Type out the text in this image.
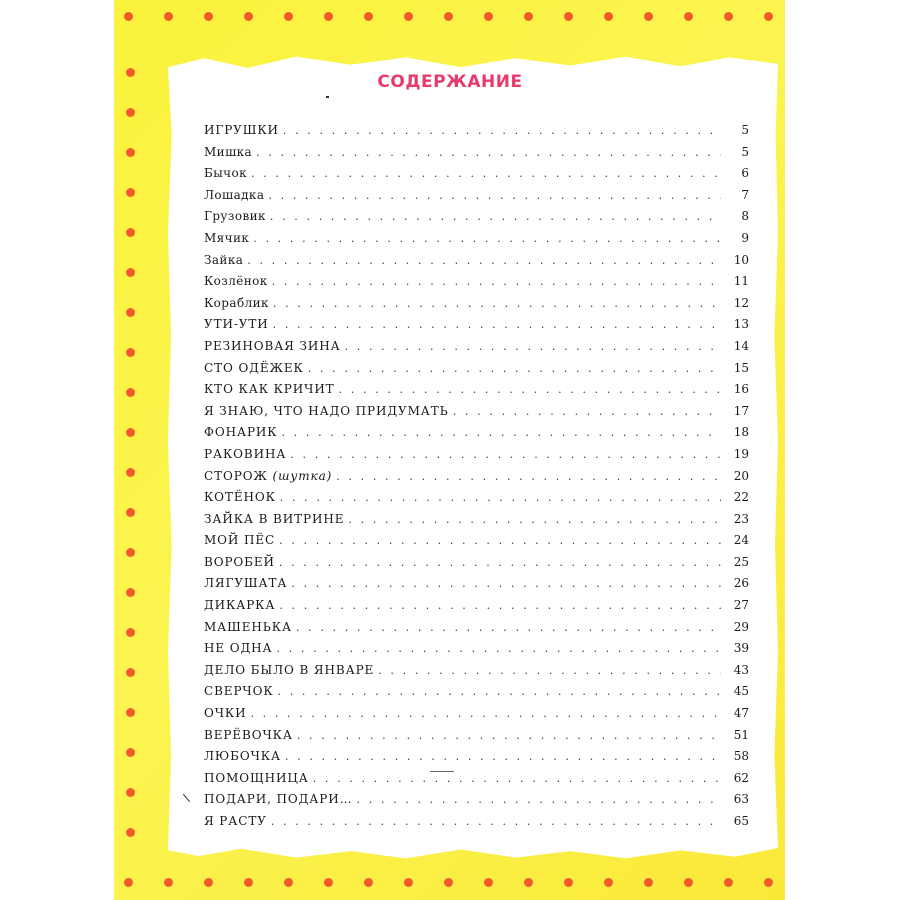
СОДЕРЖАНИЕ
ИГРУШКИ . . .	5
Мишка . . .	5
Бычок . . .	6
Лошадка . . .	7
Грузовик . . .	8
Мячик . . .	9
Зайка . . .	10
Козлёнок . . .	11
Кораблик . . .	12
УТИ-УТИ . . .	13
РЕЗИНОВАЯ ЗИНА . . .	14
СТО ОДЁЖЕК . . .	15
КТО КАК КРИЧИТ . . .	16
Я ЗНАЮ, ЧТО НАДО ПРИДУМАТЬ . . .	17
ФОНАРИК . . .	18
РАКОВИНА . . .	19
СТОРОЖ (шутка) . . .	20
КОТЁНОК . . .	22
ЗАЙКА В ВИТРИНЕ . . .	23
МОЙ ПЁС . . .	24
ВОРОБЕЙ . . .	25
ЛЯГУШАТА . . .	26
ДИКАРКА . . .	27
МАШЕНЬКА . . .	29
НЕ ОДНА . . .	39
ДЕЛО БЫЛО В ЯНВАРЕ . . .	43
СВЕРЧОК . . .	45
ОЧКИ . . .	47
ВЕРЁВОЧКА . . .	51
ЛЮБОЧКА . . .	58
ПОМОЩНИЦА . . .	62
ПОДАРИ, ПОДАРИ… . . .	63
Я РАСТУ . . .	65
